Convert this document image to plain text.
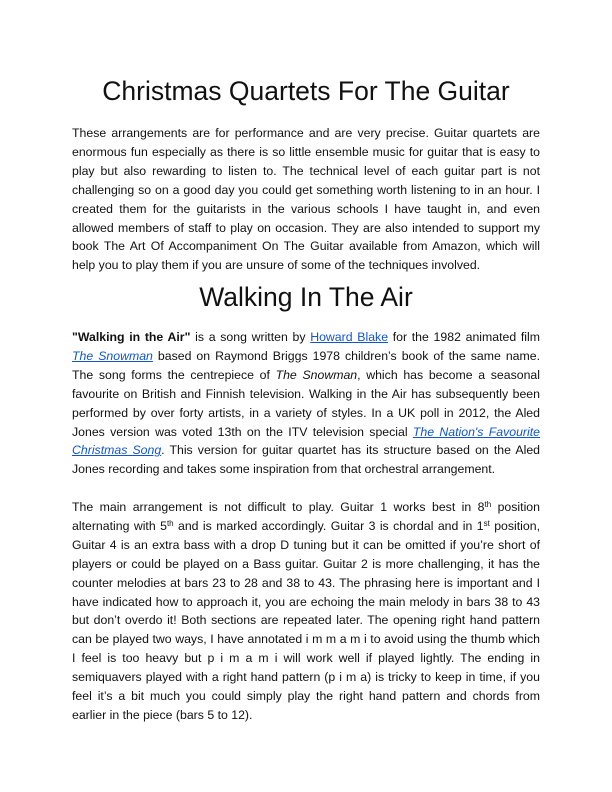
Christmas Quartets For The Guitar

These arrangements are for performance and are very precise. Guitar quartets are enormous fun especially as there is so little ensemble music for guitar that is easy to play but also rewarding to listen to. The technical level of each guitar part is not challenging so on a good day you could get something worth listening to in an hour. I created them for the guitarists in the various schools I have taught in, and even allowed members of staff to play on occasion. They are also intended to support my book The Art Of Accompaniment On The Guitar available from Amazon, which will help you to play them if you are unsure of some of the techniques involved.

Walking In The Air

"Walking in the Air" is a song written by Howard Blake for the 1982 animated film The Snowman based on Raymond Briggs 1978 children’s book of the same name. The song forms the centrepiece of The Snowman, which has become a seasonal favourite on British and Finnish television. Walking in the Air has subsequently been performed by over forty artists, in a variety of styles. In a UK poll in 2012, the Aled Jones version was voted 13th on the ITV television special The Nation's Favourite Christmas Song. This version for guitar quartet has its structure based on the Aled Jones recording and takes some inspiration from that orchestral arrangement.

The main arrangement is not difficult to play. Guitar 1 works best in 8th position alternating with 5th and is marked accordingly. Guitar 3 is chordal and in 1st position, Guitar 4 is an extra bass with a drop D tuning but it can be omitted if you’re short of players or could be played on a Bass guitar. Guitar 2 is more challenging, it has the counter melodies at bars 23 to 28 and 38 to 43. The phrasing here is important and I have indicated how to approach it, you are echoing the main melody in bars 38 to 43 but don’t overdo it! Both sections are repeated later. The opening right hand pattern can be played two ways, I have annotated i m m a m i to avoid using the thumb which I feel is too heavy but p i m a m i will work well if played lightly. The ending in semiquavers played with a right hand pattern (p i m a) is tricky to keep in time, if you feel it’s a bit much you could simply play the right hand pattern and chords from earlier in the piece (bars 5 to 12).
